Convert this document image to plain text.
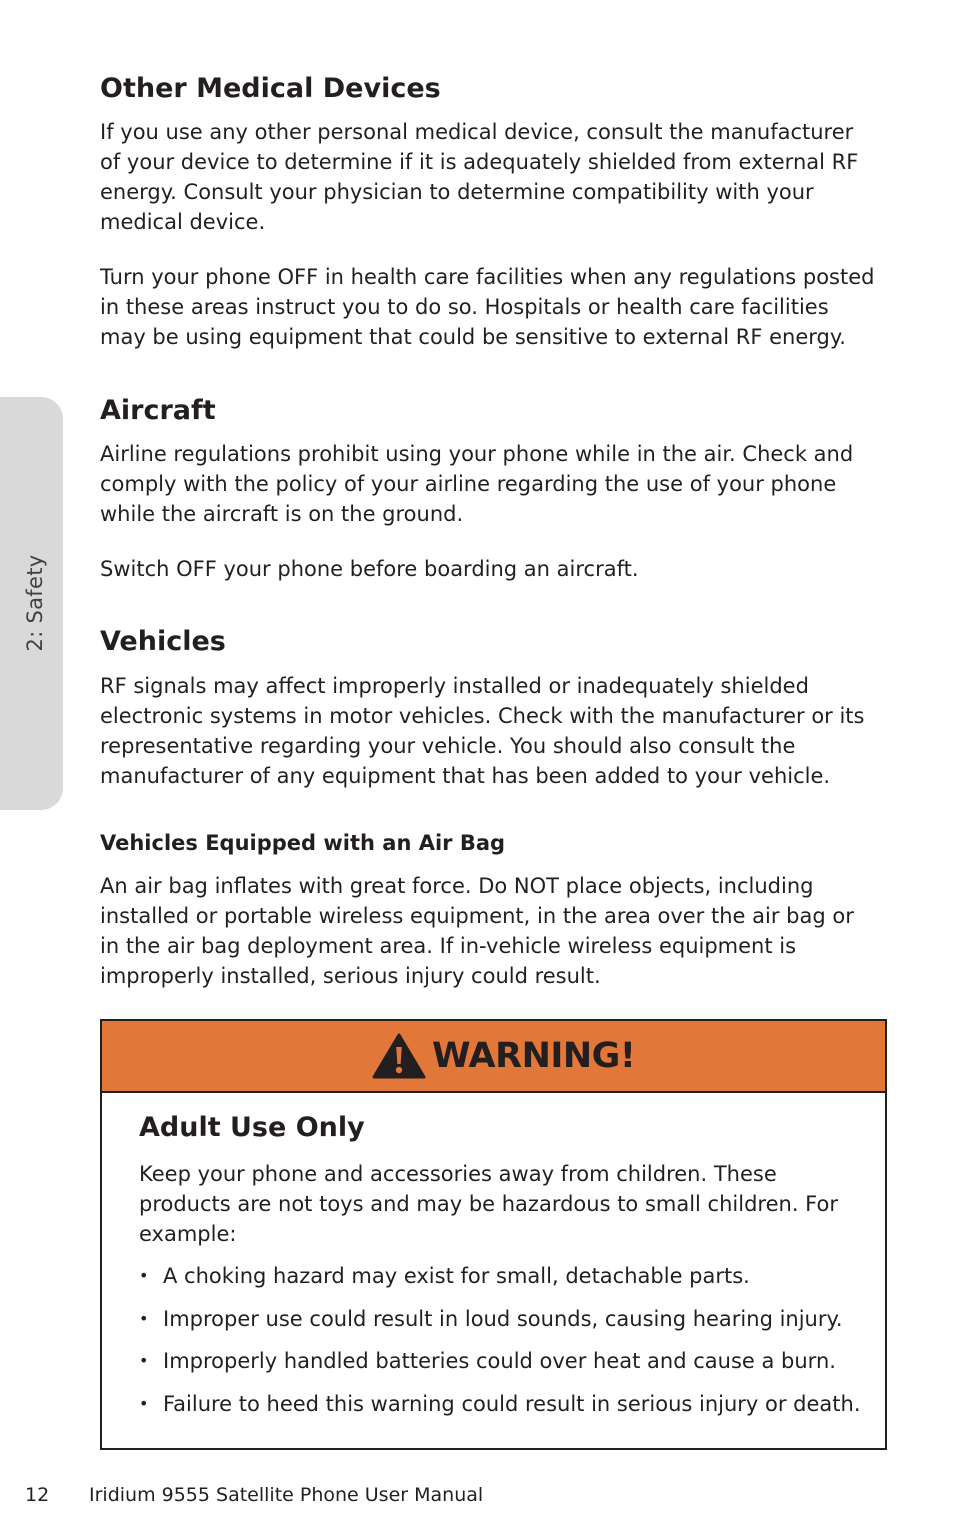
2: Safety
Other Medical Devices

If you use any other personal medical device, consult the manufacturer of your device to determine if it is adequately shielded from external RF energy. Consult your physician to determine compatibility with your medical device.

Turn your phone OFF in health care facilities when any regulations posted in these areas instruct you to do so. Hospitals or health care facilities may be using equipment that could be sensitive to external RF energy.

Aircraft

Airline regulations prohibit using your phone while in the air. Check and comply with the policy of your airline regarding the use of your phone while the aircraft is on the ground.

Switch OFF your phone before boarding an aircraft.

Vehicles

RF signals may affect improperly installed or inadequately shielded electronic systems in motor vehicles. Check with the manufacturer or its representative regarding your vehicle. You should also consult the manufacturer of any equipment that has been added to your vehicle.

Vehicles Equipped with an Air Bag

An air bag inflates with great force. Do NOT place objects, including installed or portable wireless equipment, in the area over the air bag or in the air bag deployment area. If in-vehicle wireless equipment is improperly installed, serious injury could result.

WARNING!
Adult Use Only

Keep your phone and accessories away from children. These products are not toys and may be hazardous to small children. For example:

• A choking hazard may exist for small, detachable parts.
• Improper use could result in loud sounds, causing hearing injury.
• Improperly handled batteries could over heat and cause a burn.
• Failure to heed this warning could result in serious injury or death.
12 Iridium 9555 Satellite Phone User Manual
